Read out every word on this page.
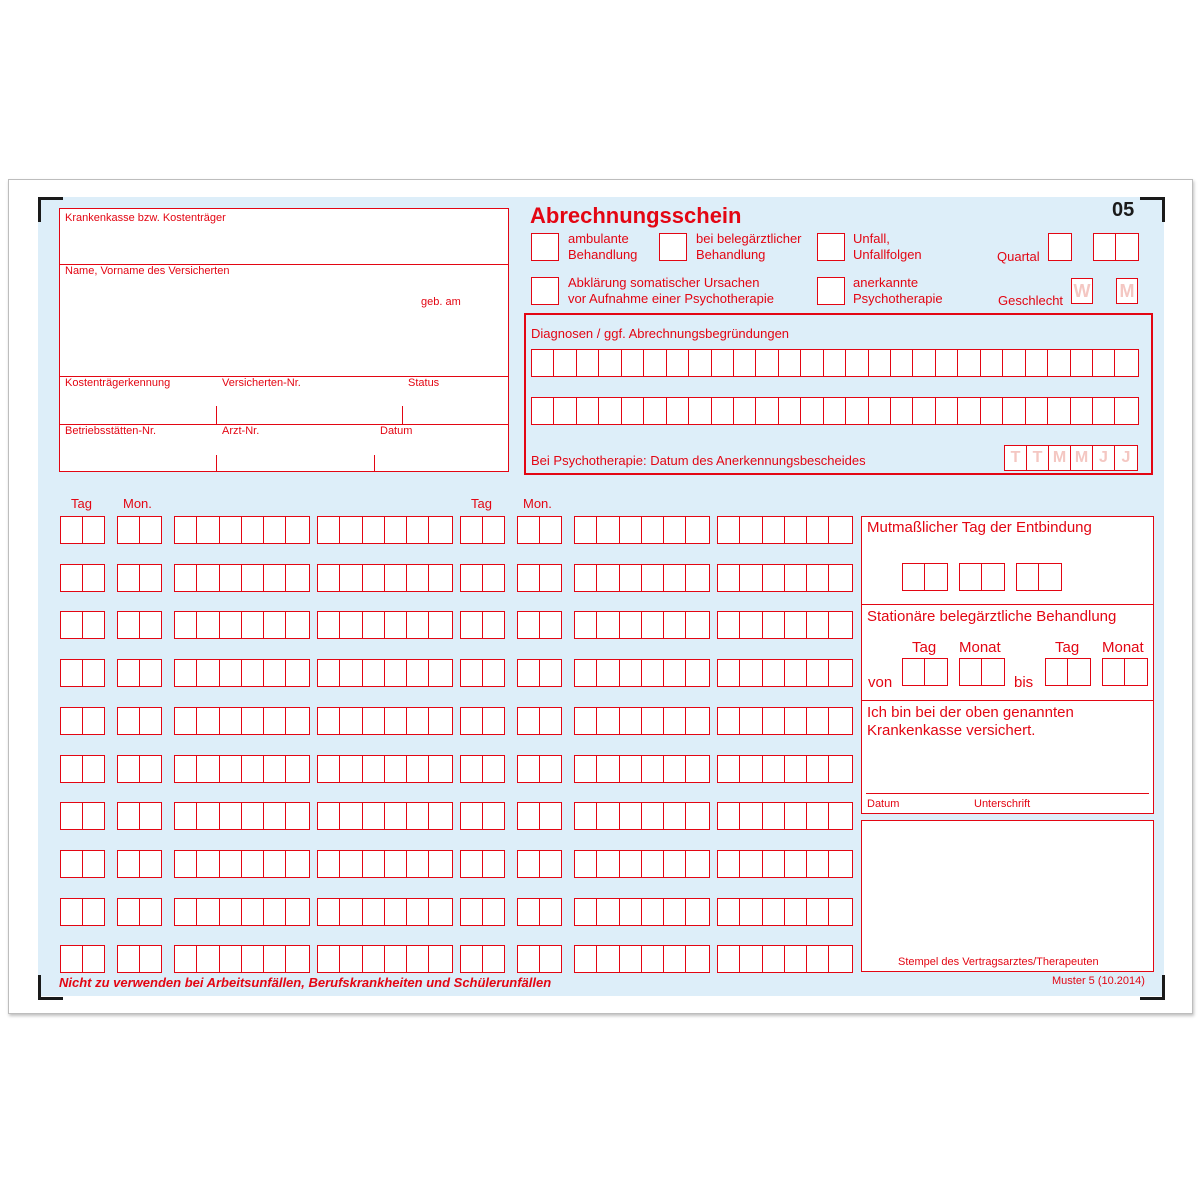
Krankenkasse bzw. Kostenträger
Name, Vorname des Versicherten
geb. am
Kostenträgerkennung	Versicherten-Nr.	Status
Betriebsstätten-Nr.	Arzt-Nr.	Datum
Abrechnungsschein	05
ambulante
Behandlung
bei belegärztlicher
Behandlung
Unfall,
Unfallfolgen	Quartal
Abklärung somatischer Ursachen
vor Aufnahme einer Psychotherapie
anerkannte
Psychotherapie	Geschlecht W M
Diagnosen / ggf. Abrechnungsbegründungen
Bei Psychotherapie: Datum des Anerkennungsbescheides	T T M M J J
Tag Mon.	Tag Mon.
Mutmaßlicher Tag der Entbindung
Stationäre belegärztliche Behandlung
Tag Monat	Tag Monat
von	bis
Ich bin bei der oben genannten
Krankenkasse versichert.
Datum	Unterschrift
Stempel des Vertragsarztes/Therapeuten
Nicht zu verwenden bei Arbeitsunfällen, Berufskrankheiten und Schülerunfällen	Muster 5 (10.2014)
